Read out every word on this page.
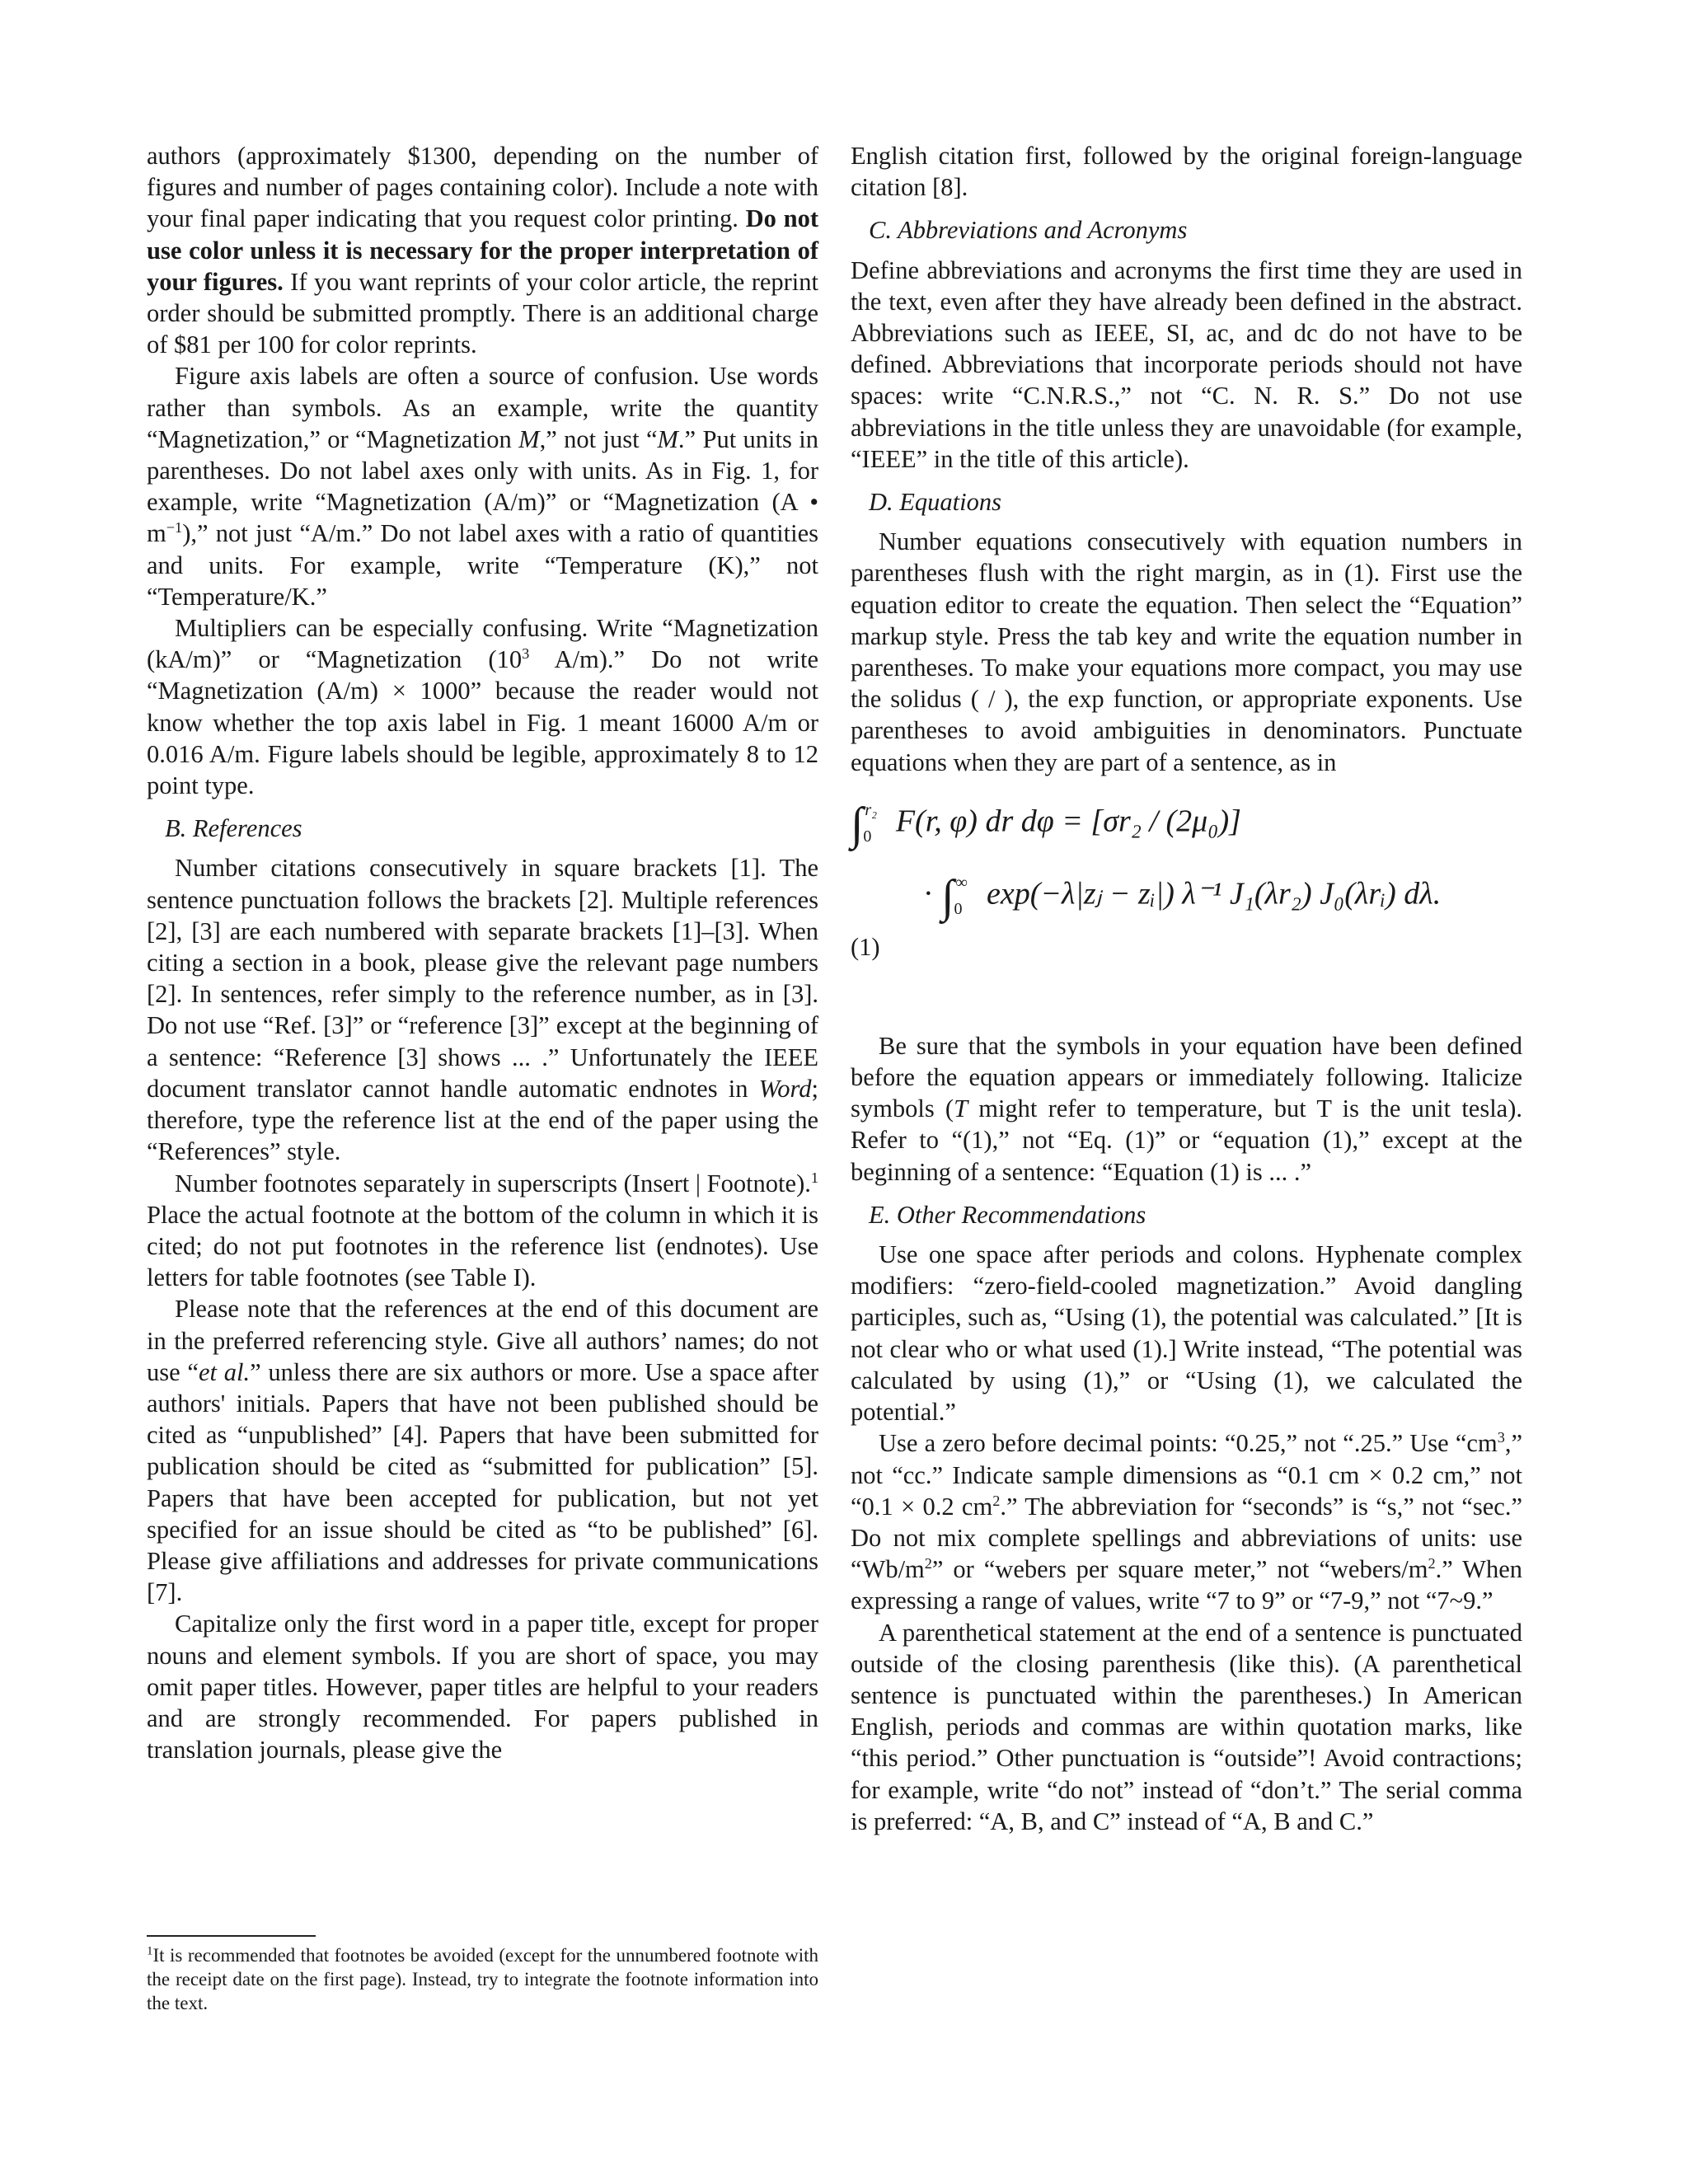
authors (approximately $1300, depending on the number of figures and number of pages containing color). Include a note with your final paper indicating that you request color printing. Do not use color unless it is necessary for the proper interpretation of your figures. If you want reprints of your color article, the reprint order should be submitted promptly. There is an additional charge of $81 per 100 for color reprints.

Figure axis labels are often a source of confusion. Use words rather than symbols. As an example, write the quantity “Magnetization,” or “Magnetization M,” not just “M.” Put units in parentheses. Do not label axes only with units. As in Fig. 1, for example, write “Magnetization (A/m)” or “Magnetization (A • $m^{-1}$),” not just “A/m.” Do not label axes with a ratio of quantities and units. For example, write “Temperature (K),” not “Temperature/K.”

Multipliers can be especially confusing. Write “Magnetization (kA/m)” or “Magnetization ($10^3$ A/m).” Do not write “Magnetization (A/m) × 1000” because the reader would not know whether the top axis label in Fig. 1 meant 16000 A/m or 0.016 A/m. Figure labels should be legible, approximately 8 to 12 point type.

B. References

Number citations consecutively in square brackets [1]. The sentence punctuation follows the brackets [2]. Multiple references [2], [3] are each numbered with separate brackets [1]–[3]. When citing a section in a book, please give the relevant page numbers [2]. In sentences, refer simply to the reference number, as in [3]. Do not use “Ref. [3]” or “reference [3]” except at the beginning of a sentence: “Reference [3] shows ... .” Unfortunately the IEEE document translator cannot handle automatic endnotes in Word; therefore, type the reference list at the end of the paper using the “References” style.

Number footnotes separately in superscripts (Insert | Footnote).$^1$ Place the actual footnote at the bottom of the column in which it is cited; do not put footnotes in the reference list (endnotes). Use letters for table footnotes (see Table I).

Please note that the references at the end of this document are in the preferred referencing style. Give all authors’ names; do not use “et al.” unless there are six authors or more. Use a space after authors' initials. Papers that have not been published should be cited as “unpublished” [4]. Papers that have been submitted for publication should be cited as “submitted for publication” [5]. Papers that have been accepted for publication, but not yet specified for an issue should be cited as “to be published” [6]. Please give affiliations and addresses for private communications [7].

Capitalize only the first word in a paper title, except for proper nouns and element symbols. If you are short of space, you may omit paper titles. However, paper titles are helpful to your readers and are strongly recommended. For papers published in translation journals, please give the

$^1$It is recommended that footnotes be avoided (except for the unnumbered footnote with the receipt date on the first page). Instead, try to integrate the footnote information into the text.

English citation first, followed by the original foreign-language citation [8].

C. Abbreviations and Acronyms

Define abbreviations and acronyms the first time they are used in the text, even after they have already been defined in the abstract. Abbreviations such as IEEE, SI, ac, and dc do not have to be defined. Abbreviations that incorporate periods should not have spaces: write “C.N.R.S.,” not “C. N. R. S.” Do not use abbreviations in the title unless they are unavoidable (for example, “IEEE” in the title of this article).

D. Equations

Number equations consecutively with equation numbers in parentheses flush with the right margin, as in (1). First use the equation editor to create the equation. Then select the “Equation” markup style. Press the tab key and write the equation number in parentheses. To make your equations more compact, you may use the solidus ( / ), the exp function, or appropriate exponents. Use parentheses to avoid ambiguities in denominators. Punctuate equations when they are part of a sentence, as in

∫ r₂
0 F(r, φ) dr dφ = [σr₂ / (2μ₀)]
· ∫ ∞
0 exp(−λ|zⱼ − zᵢ|) λ⁻¹ J₁(λr₂) J₀(λrᵢ) dλ.
(1)

Be sure that the symbols in your equation have been defined before the equation appears or immediately following. Italicize symbols (T might refer to temperature, but T is the unit tesla). Refer to “(1),” not “Eq. (1)” or “equation (1),” except at the beginning of a sentence: “Equation (1) is ... .”

E. Other Recommendations

Use one space after periods and colons. Hyphenate complex modifiers: “zero-field-cooled magnetization.” Avoid dangling participles, such as, “Using (1), the potential was calculated.” [It is not clear who or what used (1).] Write instead, “The potential was calculated by using (1),” or “Using (1), we calculated the potential.”

Use a zero before decimal points: “0.25,” not “.25.” Use “$cm^3$,” not “cc.” Indicate sample dimensions as “0.1 cm × 0.2 cm,” not “0.1 × 0.2 $cm^2$.” The abbreviation for “seconds” is “s,” not “sec.” Do not mix complete spellings and abbreviations of units: use “$Wb/m^2$” or “webers per square meter,” not “$webers/m^2$.” When expressing a range of values, write “7 to 9” or “7-9,” not “7~9.”

A parenthetical statement at the end of a sentence is punctuated outside of the closing parenthesis (like this). (A parenthetical sentence is punctuated within the parentheses.) In American English, periods and commas are within quotation marks, like “this period.” Other punctuation is “outside”! Avoid contractions; for example, write “do not” instead of “don’t.” The serial comma is preferred: “A, B, and C” instead of “A, B and C.”
